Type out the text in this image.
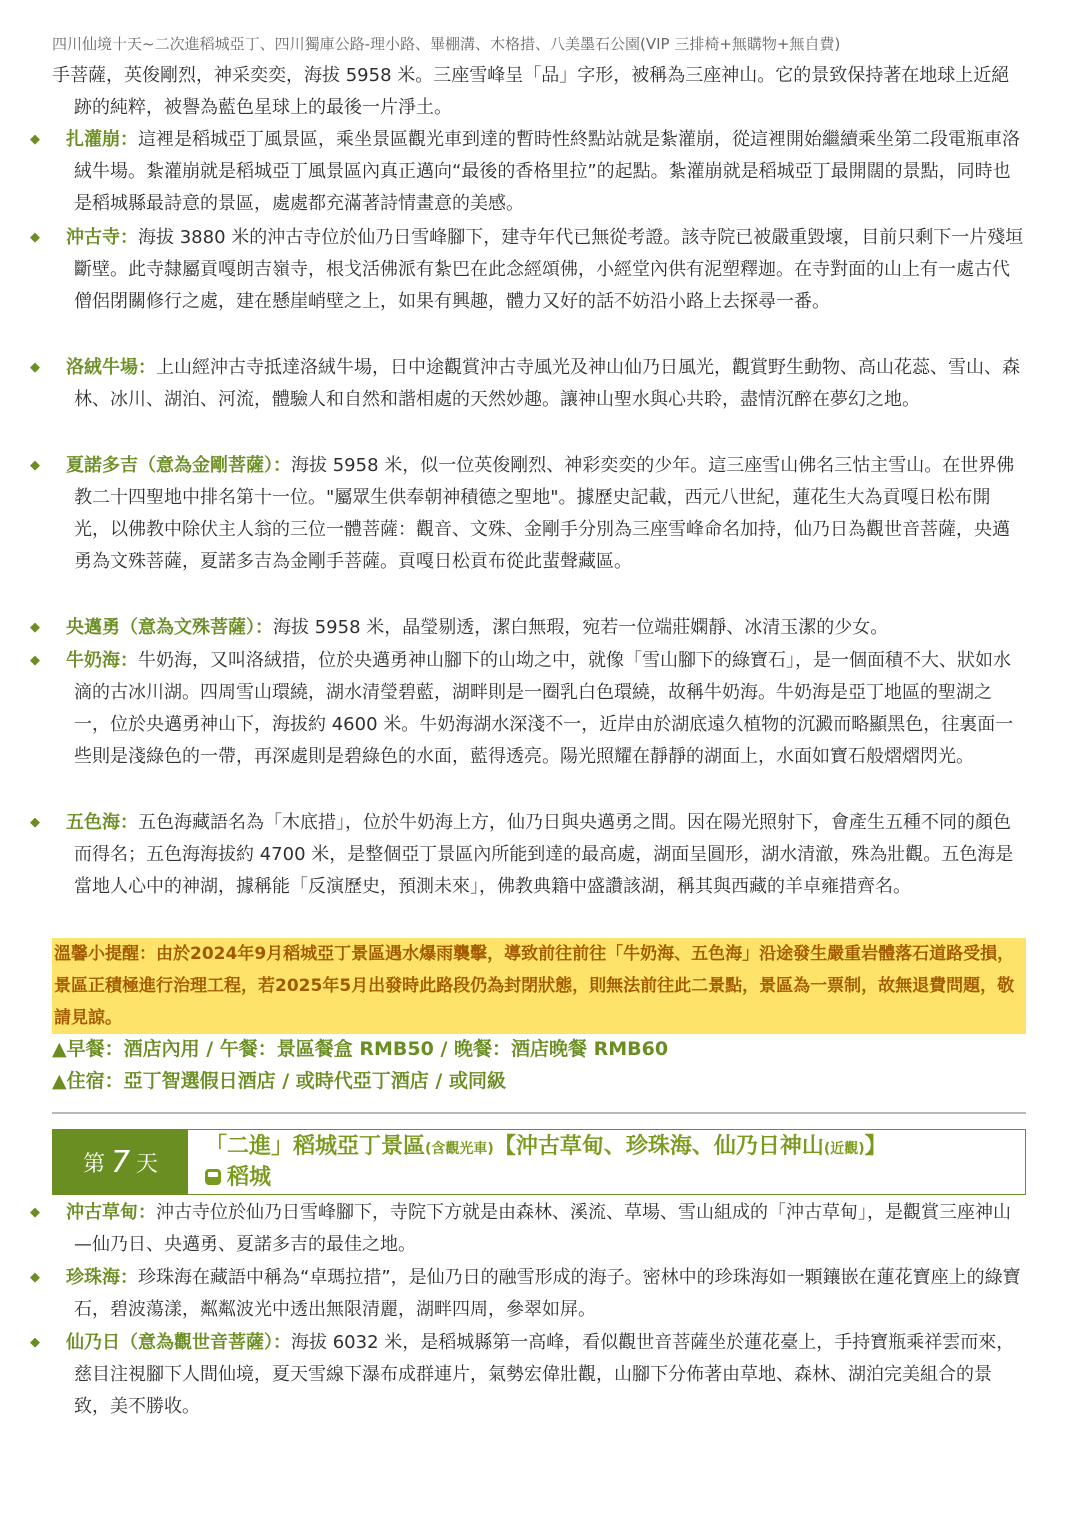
四川仙境十天~二次進稻城亞丁、四川獨庫公路-理小路、畢棚溝、木格措、八美墨石公園(VIP 三排椅+無購物+無自費)

手菩薩，英俊剛烈，神采奕奕，海拔 5958 米。三座雪峰呈「品」字形，被稱為三座神山。它的景致保持著在地球上近絕跡的純粹，被譽為藍色星球上的最後一片淨土。

◆ 扎灌崩：這裡是稻城亞丁風景區，乘坐景區觀光車到達的暫時性終點站就是紮灌崩，從這裡開始繼續乘坐第二段電瓶車洛絨牛場。紮灌崩就是稻城亞丁風景區內真正邁向“最後的香格里拉”的起點。紮灌崩就是稻城亞丁最開闊的景點，同時也是稻城縣最詩意的景區，處處都充滿著詩情畫意的美感。

◆ 沖古寺：海拔 3880 米的沖古寺位於仙乃日雪峰腳下，建寺年代已無從考證。該寺院已被嚴重毀壞，目前只剩下一片殘垣斷壁。此寺隸屬貢嘎朗吉嶺寺，根戈活佛派有紮巴在此念經頌佛，小經堂內供有泥塑釋迦。在寺對面的山上有一處古代僧侶閉關修行之處，建在懸崖峭壁之上，如果有興趣，體力又好的話不妨沿小路上去探尋一番。

◆ 洛絨牛場：上山經沖古寺抵達洛絨牛場，日中途觀賞沖古寺風光及神山仙乃日風光，觀賞野生動物、高山花蕊、雪山、森林、冰川、湖泊、河流，體驗人和自然和諧相處的天然妙趣。讓神山聖水與心共聆，盡情沉醉在夢幻之地。

◆ 夏諾多吉（意為金剛菩薩）：海拔 5958 米，似一位英俊剛烈、神彩奕奕的少年。這三座雪山佛名三怙主雪山。在世界佛教二十四聖地中排名第十一位。"屬眾生供奉朝神積德之聖地"。據歷史記載，西元八世紀，蓮花生大為貢嘎日松布開光，以佛教中除伏主人翁的三位一體菩薩：觀音、文殊、金剛手分別為三座雪峰命名加持，仙乃日為觀世音菩薩，央邁勇為文殊菩薩，夏諾多吉為金剛手菩薩。貢嘎日松貢布從此蜚聲藏區。

◆ 央邁勇（意為文殊菩薩）：海拔 5958 米，晶瑩剔透，潔白無瑕，宛若一位端莊嫻靜、冰清玉潔的少女。

◆ 牛奶海：牛奶海，又叫洛絨措，位於央邁勇神山腳下的山坳之中，就像「雪山腳下的綠寶石」，是一個面積不大、狀如水滴的古冰川湖。四周雪山環繞，湖水清瑩碧藍，湖畔則是一圈乳白色環繞，故稱牛奶海。牛奶海是亞丁地區的聖湖之一，位於央邁勇神山下，海拔約 4600 米。牛奶海湖水深淺不一，近岸由於湖底遠久植物的沉澱而略顯黑色，往裏面一些則是淺綠色的一帶，再深處則是碧綠色的水面，藍得透亮。陽光照耀在靜靜的湖面上，水面如寶石般熠熠閃光。

◆ 五色海：五色海藏語名為「木底措」，位於牛奶海上方，仙乃日與央邁勇之間。因在陽光照射下，會產生五種不同的顏色而得名；五色海海拔約 4700 米，是整個亞丁景區內所能到達的最高處，湖面呈圓形，湖水清澈，殊為壯觀。五色海是當地人心中的神湖，據稱能「反演歷史，預測未來」，佛教典籍中盛讚該湖，稱其與西藏的羊卓雍措齊名。

溫馨小提醒：由於2024年9月稻城亞丁景區遇水爆雨襲擊，導致前往前往「牛奶海、五色海」沿途發生嚴重岩體落石道路受損，景區正積極進行治理工程，若2025年5月出發時此路段仍為封閉狀態，則無法前往此二景點，景區為一票制，故無退費問題，敬請見諒。
▲早餐：酒店內用 / 午餐：景區餐盒 RMB50 / 晚餐：酒店晚餐 RMB60
▲住宿：亞丁智選假日酒店 / 或時代亞丁酒店 / 或同級
第 7 天
「二進」稻城亞丁景區(含觀光車)【沖古草甸、珍珠海、仙乃日神山(近觀)】
稻城

◆ 沖古草甸：沖古寺位於仙乃日雪峰腳下，寺院下方就是由森林、溪流、草場、雪山組成的「沖古草甸」，是觀賞三座神山—仙乃日、央邁勇、夏諾多吉的最佳之地。

◆ 珍珠海：珍珠海在藏語中稱為“卓瑪拉措”，是仙乃日的融雪形成的海子。密林中的珍珠海如一顆鑲嵌在蓮花寶座上的綠寶石，碧波蕩漾，粼粼波光中透出無限清麗，湖畔四周，參翠如屏。

◆ 仙乃日（意為觀世音菩薩）：海拔 6032 米，是稻城縣第一高峰，看似觀世音菩薩坐於蓮花臺上，手持寶瓶乘祥雲而來，慈目注視腳下人間仙境，夏天雪線下瀑布成群連片，氣勢宏偉壯觀，山腳下分佈著由草地、森林、湖泊完美組合的景致，美不勝收。
